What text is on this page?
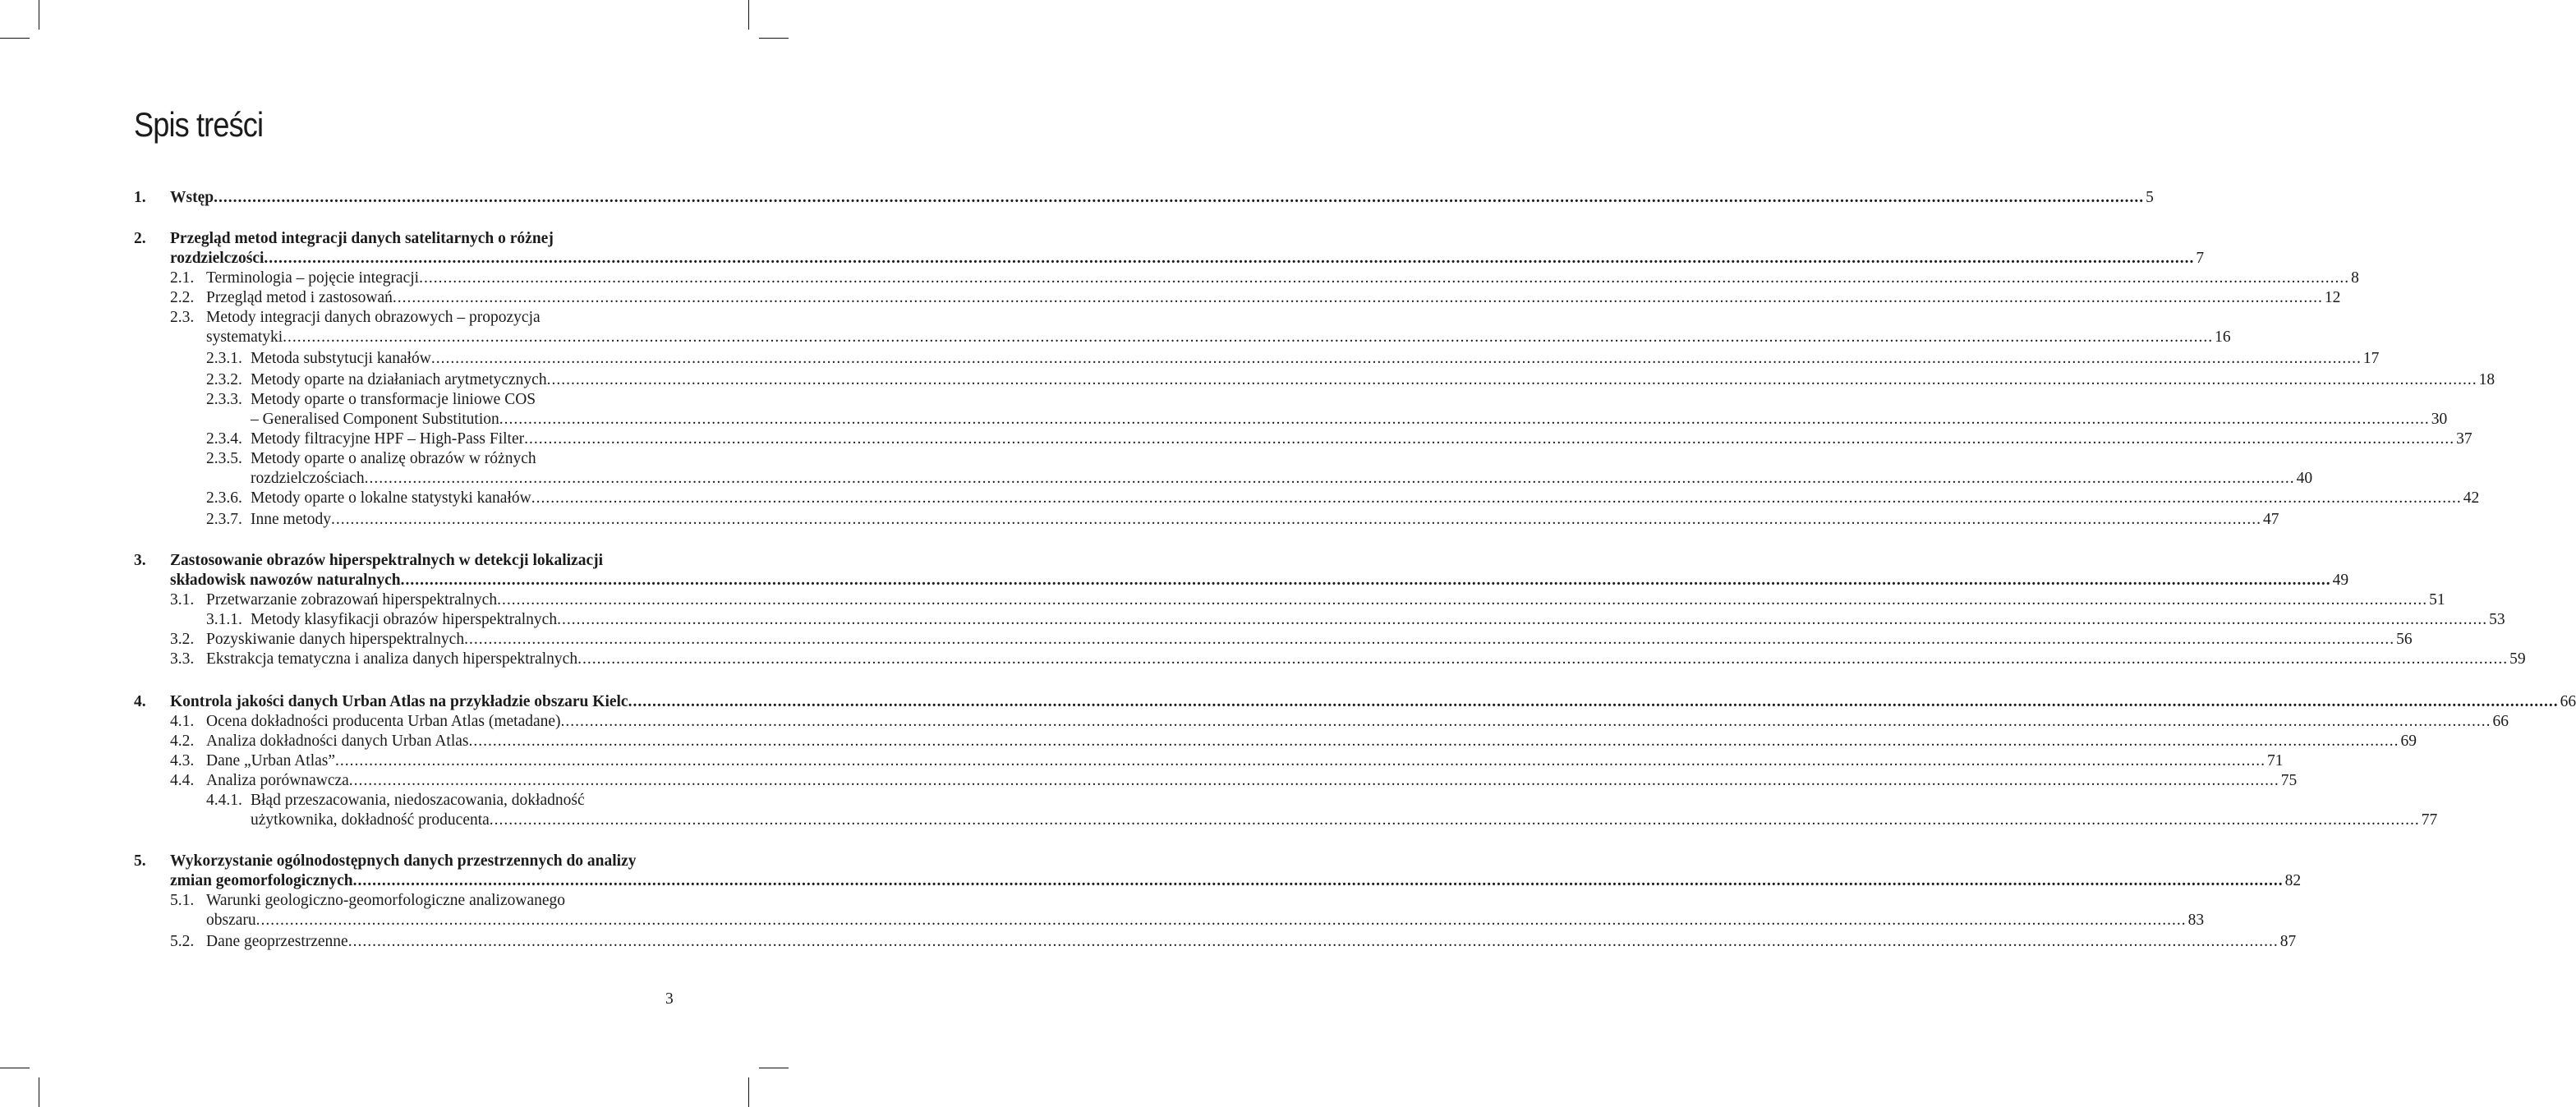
Spis treści
1. Wstęp ................................................................................................................................................................................................................................................................................................................................................................................................................ 5
2. Przegląd metod integracji danych satelitarnych o różnej
rozdzielczości ................................................................................................................................................................................................................................................................................................................................................................................................................ 7
2.1. Terminologia – pojęcie integracji ................................................................................................................................................................................................................................................................................................................................................................................................................ 8
2.2. Przegląd metod i zastosowań ................................................................................................................................................................................................................................................................................................................................................................................................................ 12
2.3. Metody integracji danych obrazowych – propozycja
systematyki ................................................................................................................................................................................................................................................................................................................................................................................................................ 16
2.3.1. Metoda substytucji kanałów ................................................................................................................................................................................................................................................................................................................................................................................................................ 17
2.3.2. Metody oparte na działaniach arytmetycznych ................................................................................................................................................................................................................................................................................................................................................................................................................ 18
2.3.3. Metody oparte o transformacje liniowe COS
– Generalised Component Substitution ................................................................................................................................................................................................................................................................................................................................................................................................................ 30
2.3.4. Metody filtracyjne HPF – High-Pass Filter ................................................................................................................................................................................................................................................................................................................................................................................................................ 37
2.3.5. Metody oparte o analizę obrazów w różnych
rozdzielczościach ................................................................................................................................................................................................................................................................................................................................................................................................................ 40
2.3.6. Metody oparte o lokalne statystyki kanałów ................................................................................................................................................................................................................................................................................................................................................................................................................ 42
2.3.7. Inne metody ................................................................................................................................................................................................................................................................................................................................................................................................................ 47
3. Zastosowanie obrazów hiperspektralnych w detekcji lokalizacji
składowisk nawozów naturalnych ................................................................................................................................................................................................................................................................................................................................................................................................................ 49
3.1. Przetwarzanie zobrazowań hiperspektralnych ................................................................................................................................................................................................................................................................................................................................................................................................................ 51
3.1.1. Metody klasyfikacji obrazów hiperspektralnych ................................................................................................................................................................................................................................................................................................................................................................................................................ 53
3.2. Pozyskiwanie danych hiperspektralnych ................................................................................................................................................................................................................................................................................................................................................................................................................ 56
3.3. Ekstrakcja tematyczna i analiza danych hiperspektralnych ................................................................................................................................................................................................................................................................................................................................................................................................................ 59
4. Kontrola jakości danych Urban Atlas na przykładzie obszaru Kielc ................................................................................................................................................................................................................................................................................................................................................................................................................ 66
4.1. Ocena dokładności producenta Urban Atlas (metadane) ................................................................................................................................................................................................................................................................................................................................................................................................................ 66
4.2. Analiza dokładności danych Urban Atlas ................................................................................................................................................................................................................................................................................................................................................................................................................ 69
4.3. Dane „Urban Atlas” ................................................................................................................................................................................................................................................................................................................................................................................................................ 71
4.4. Analiza porównawcza ................................................................................................................................................................................................................................................................................................................................................................................................................ 75
4.4.1. Błąd przeszacowania, niedoszacowania, dokładność
użytkownika, dokładność producenta ................................................................................................................................................................................................................................................................................................................................................................................................................ 77
5. Wykorzystanie ogólnodostępnych danych przestrzennych do analizy
zmian geomorfologicznych ................................................................................................................................................................................................................................................................................................................................................................................................................ 82
5.1. Warunki geologiczno-geomorfologiczne analizowanego
obszaru ................................................................................................................................................................................................................................................................................................................................................................................................................ 83
5.2. Dane geoprzestrzenne ................................................................................................................................................................................................................................................................................................................................................................................................................ 87
3
